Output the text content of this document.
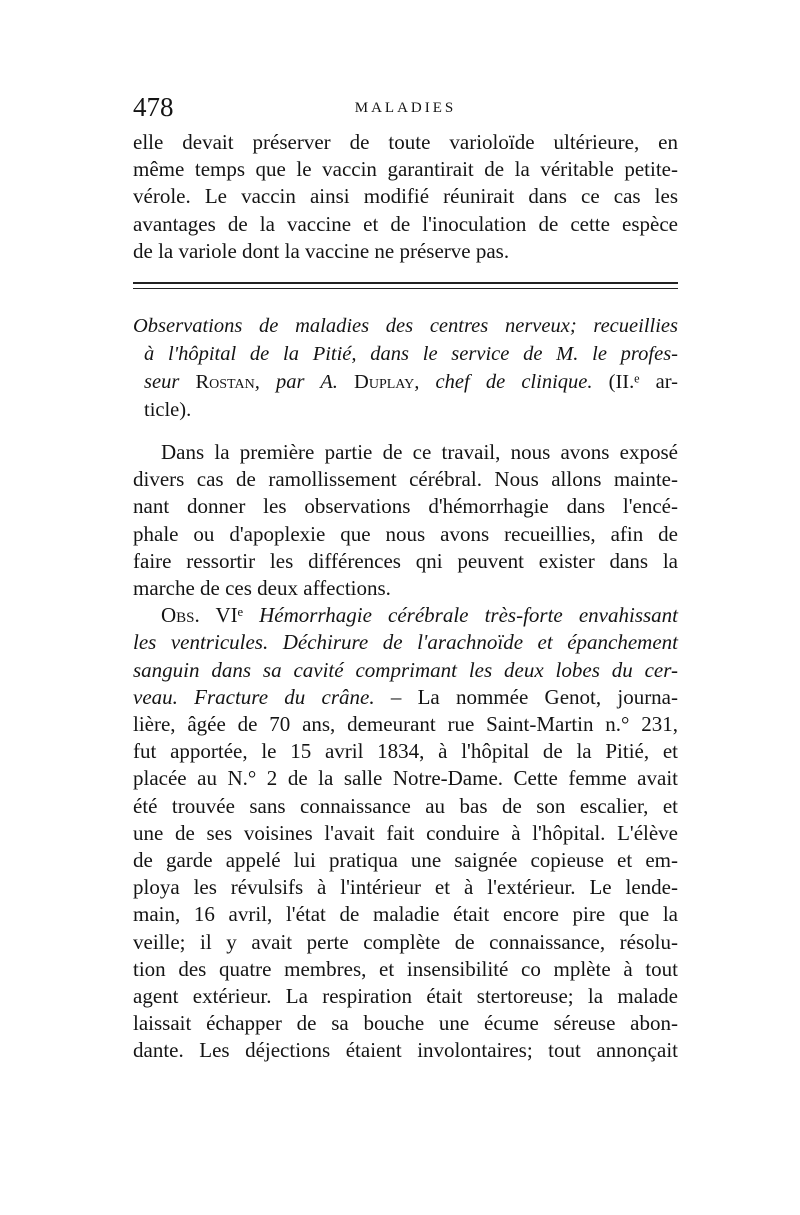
478	MALADIES
elle devait préserver de toute varioloïde ultérieure, en
même temps que le vaccin garantirait de la véritable petite-
vérole. Le vaccin ainsi modifié réunirait dans ce cas les
avantages de la vaccine et de l'inoculation de cette espèce
de la variole dont la vaccine ne préserve pas.
Observations de maladies des centres nerveux; recueillies
à l'hôpital de la Pitié, dans le service de M. le profes-
seur Rostan, par A. Duplay, chef de clinique. (II.ᵉ ar-
ticle).
Dans la première partie de ce travail, nous avons exposé
divers cas de ramollissement cérébral. Nous allons mainte-
nant donner les observations d'hémorrhagie dans l'encé-
phale ou d'apoplexie que nous avons recueillies, afin de
faire ressortir les différences qni peuvent exister dans la
marche de ces deux affections.
Obs. VIᵉ Hémorrhagie cérébrale très-forte envahissant
les ventricules. Déchirure de l'arachnoïde et épanchement
sanguin dans sa cavité comprimant les deux lobes du cer-
veau. Fracture du crâne. – La nommée Genot, journa-
lière, âgée de 70 ans, demeurant rue Saint-Martin n.° 231,
fut apportée, le 15 avril 1834, à l'hôpital de la Pitié, et
placée au N.° 2 de la salle Notre-Dame. Cette femme avait
été trouvée sans connaissance au bas de son escalier, et
une de ses voisines l'avait fait conduire à l'hôpital. L'élève
de garde appelé lui pratiqua une saignée copieuse et em-
ploya les révulsifs à l'intérieur et à l'extérieur. Le lende-
main, 16 avril, l'état de maladie était encore pire que la
veille; il y avait perte complète de connaissance, résolu-
tion des quatre membres, et insensibilité co mplète à tout
agent extérieur. La respiration était stertoreuse; la malade
laissait échapper de sa bouche une écume séreuse abon-
dante. Les déjections étaient involontaires; tout annonçait
